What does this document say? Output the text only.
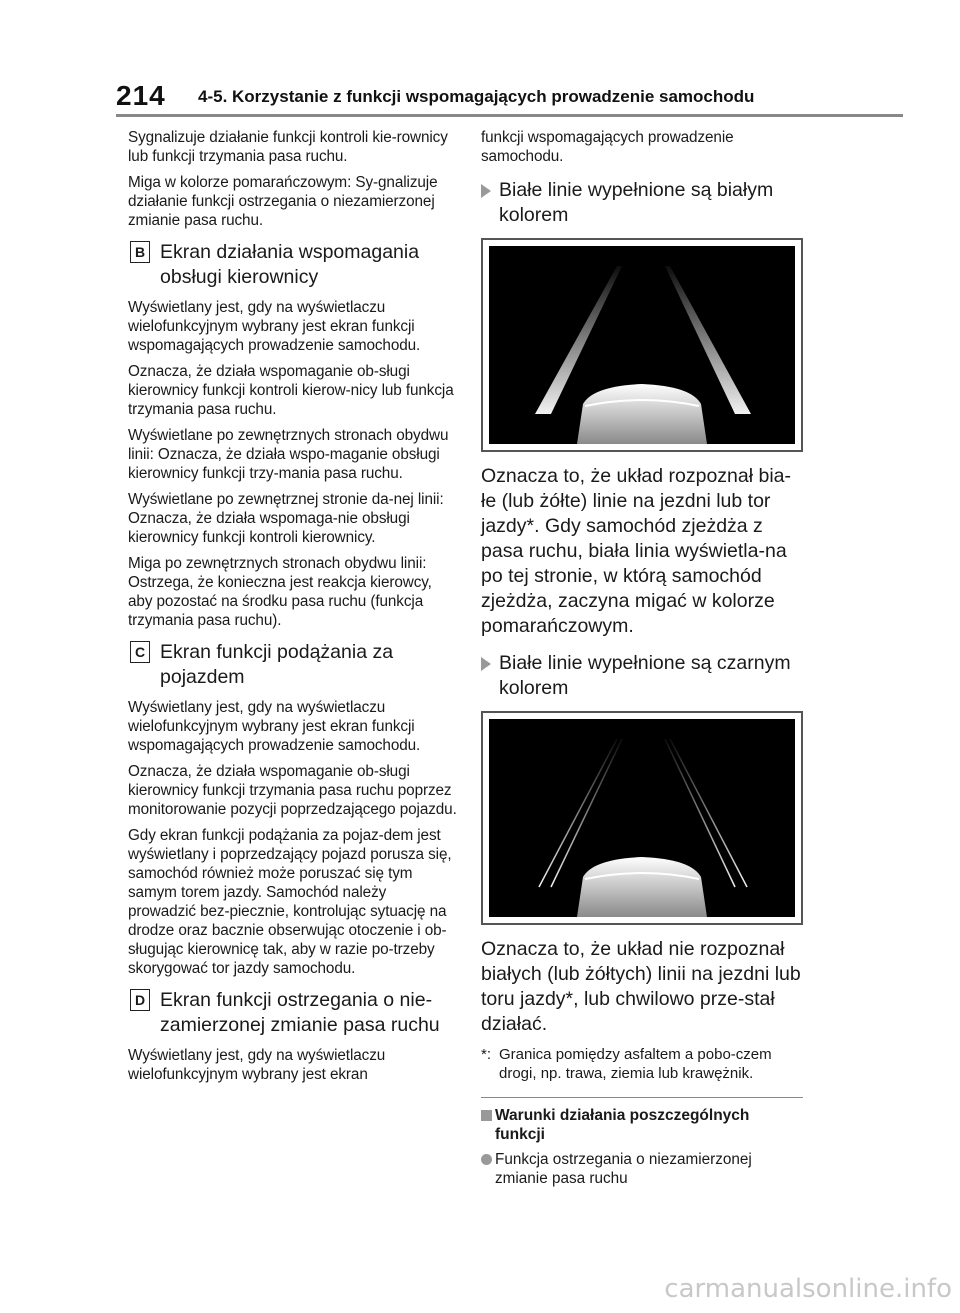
214 4-5. Korzystanie z funkcji wspomagających prowadzenie samochodu

Sygnalizuje działanie funkcji kontroli kie-rownicy lub funkcji trzymania pasa ruchu.

Miga w kolorze pomarańczowym: Sy-gnalizuje działanie funkcji ostrzegania o niezamierzonej zmianie pasa ruchu.

B Ekran działania wspomagania obsługi kierownicy

Wyświetlany jest, gdy na wyświetlaczu wielofunkcyjnym wybrany jest ekran funkcji wspomagających prowadzenie samochodu.

Oznacza, że działa wspomaganie ob-sługi kierownicy funkcji kontroli kierow-nicy lub funkcja trzymania pasa ruchu.

Wyświetlane po zewnętrznych stronach obydwu linii: Oznacza, że działa wspo-maganie obsługi kierownicy funkcji trzy-mania pasa ruchu.

Wyświetlane po zewnętrznej stronie da-nej linii: Oznacza, że działa wspomaga-nie obsługi kierownicy funkcji kontroli kierownicy.

Miga po zewnętrznych stronach obydwu linii: Ostrzega, że konieczna jest reakcja kierowcy, aby pozostać na środku pasa ruchu (funkcja trzymania pasa ruchu).

C Ekran funkcji podążania za pojazdem

Wyświetlany jest, gdy na wyświetlaczu wielofunkcyjnym wybrany jest ekran funkcji wspomagających prowadzenie samochodu.

Oznacza, że działa wspomaganie ob-sługi kierownicy funkcji trzymania pasa ruchu poprzez monitorowanie pozycji poprzedzającego pojazdu.

Gdy ekran funkcji podążania za pojaz-dem jest wyświetlany i poprzedzający pojazd porusza się, samochód również może poruszać się tym samym torem jazdy. Samochód należy prowadzić bez-piecznie, kontrolując sytuację na drodze oraz bacznie obserwując otoczenie i ob-sługując kierownicę tak, aby w razie po-trzeby skorygować tor jazdy samochodu.

D Ekran funkcji ostrzegania o nie-zamierzonej zmianie pasa ruchu

Wyświetlany jest, gdy na wyświetlaczu wielofunkcyjnym wybrany jest ekran

funkcji wspomagających prowadzenie samochodu.

Białe linie wypełnione są białym kolorem

Oznacza to, że układ rozpoznał bia-łe (lub żółte) linie na jezdni lub tor jazdy*. Gdy samochód zjeżdża z pasa ruchu, biała linia wyświetla-na po tej stronie, w którą samochód zjeżdża, zaczyna migać w kolorze pomarańczowym.

Białe linie wypełnione są czarnym kolorem

Oznacza to, że układ nie rozpoznał białych (lub żółtych) linii na jezdni lub toru jazdy*, lub chwilowo prze-stał działać.

*: Granica pomiędzy asfaltem a pobo-czem drogi, np. trawa, ziemia lub krawężnik.
Warunki działania poszczególnych funkcji
Funkcja ostrzegania o niezamierzonej zmianie pasa ruchu
carmanualsonline.info
